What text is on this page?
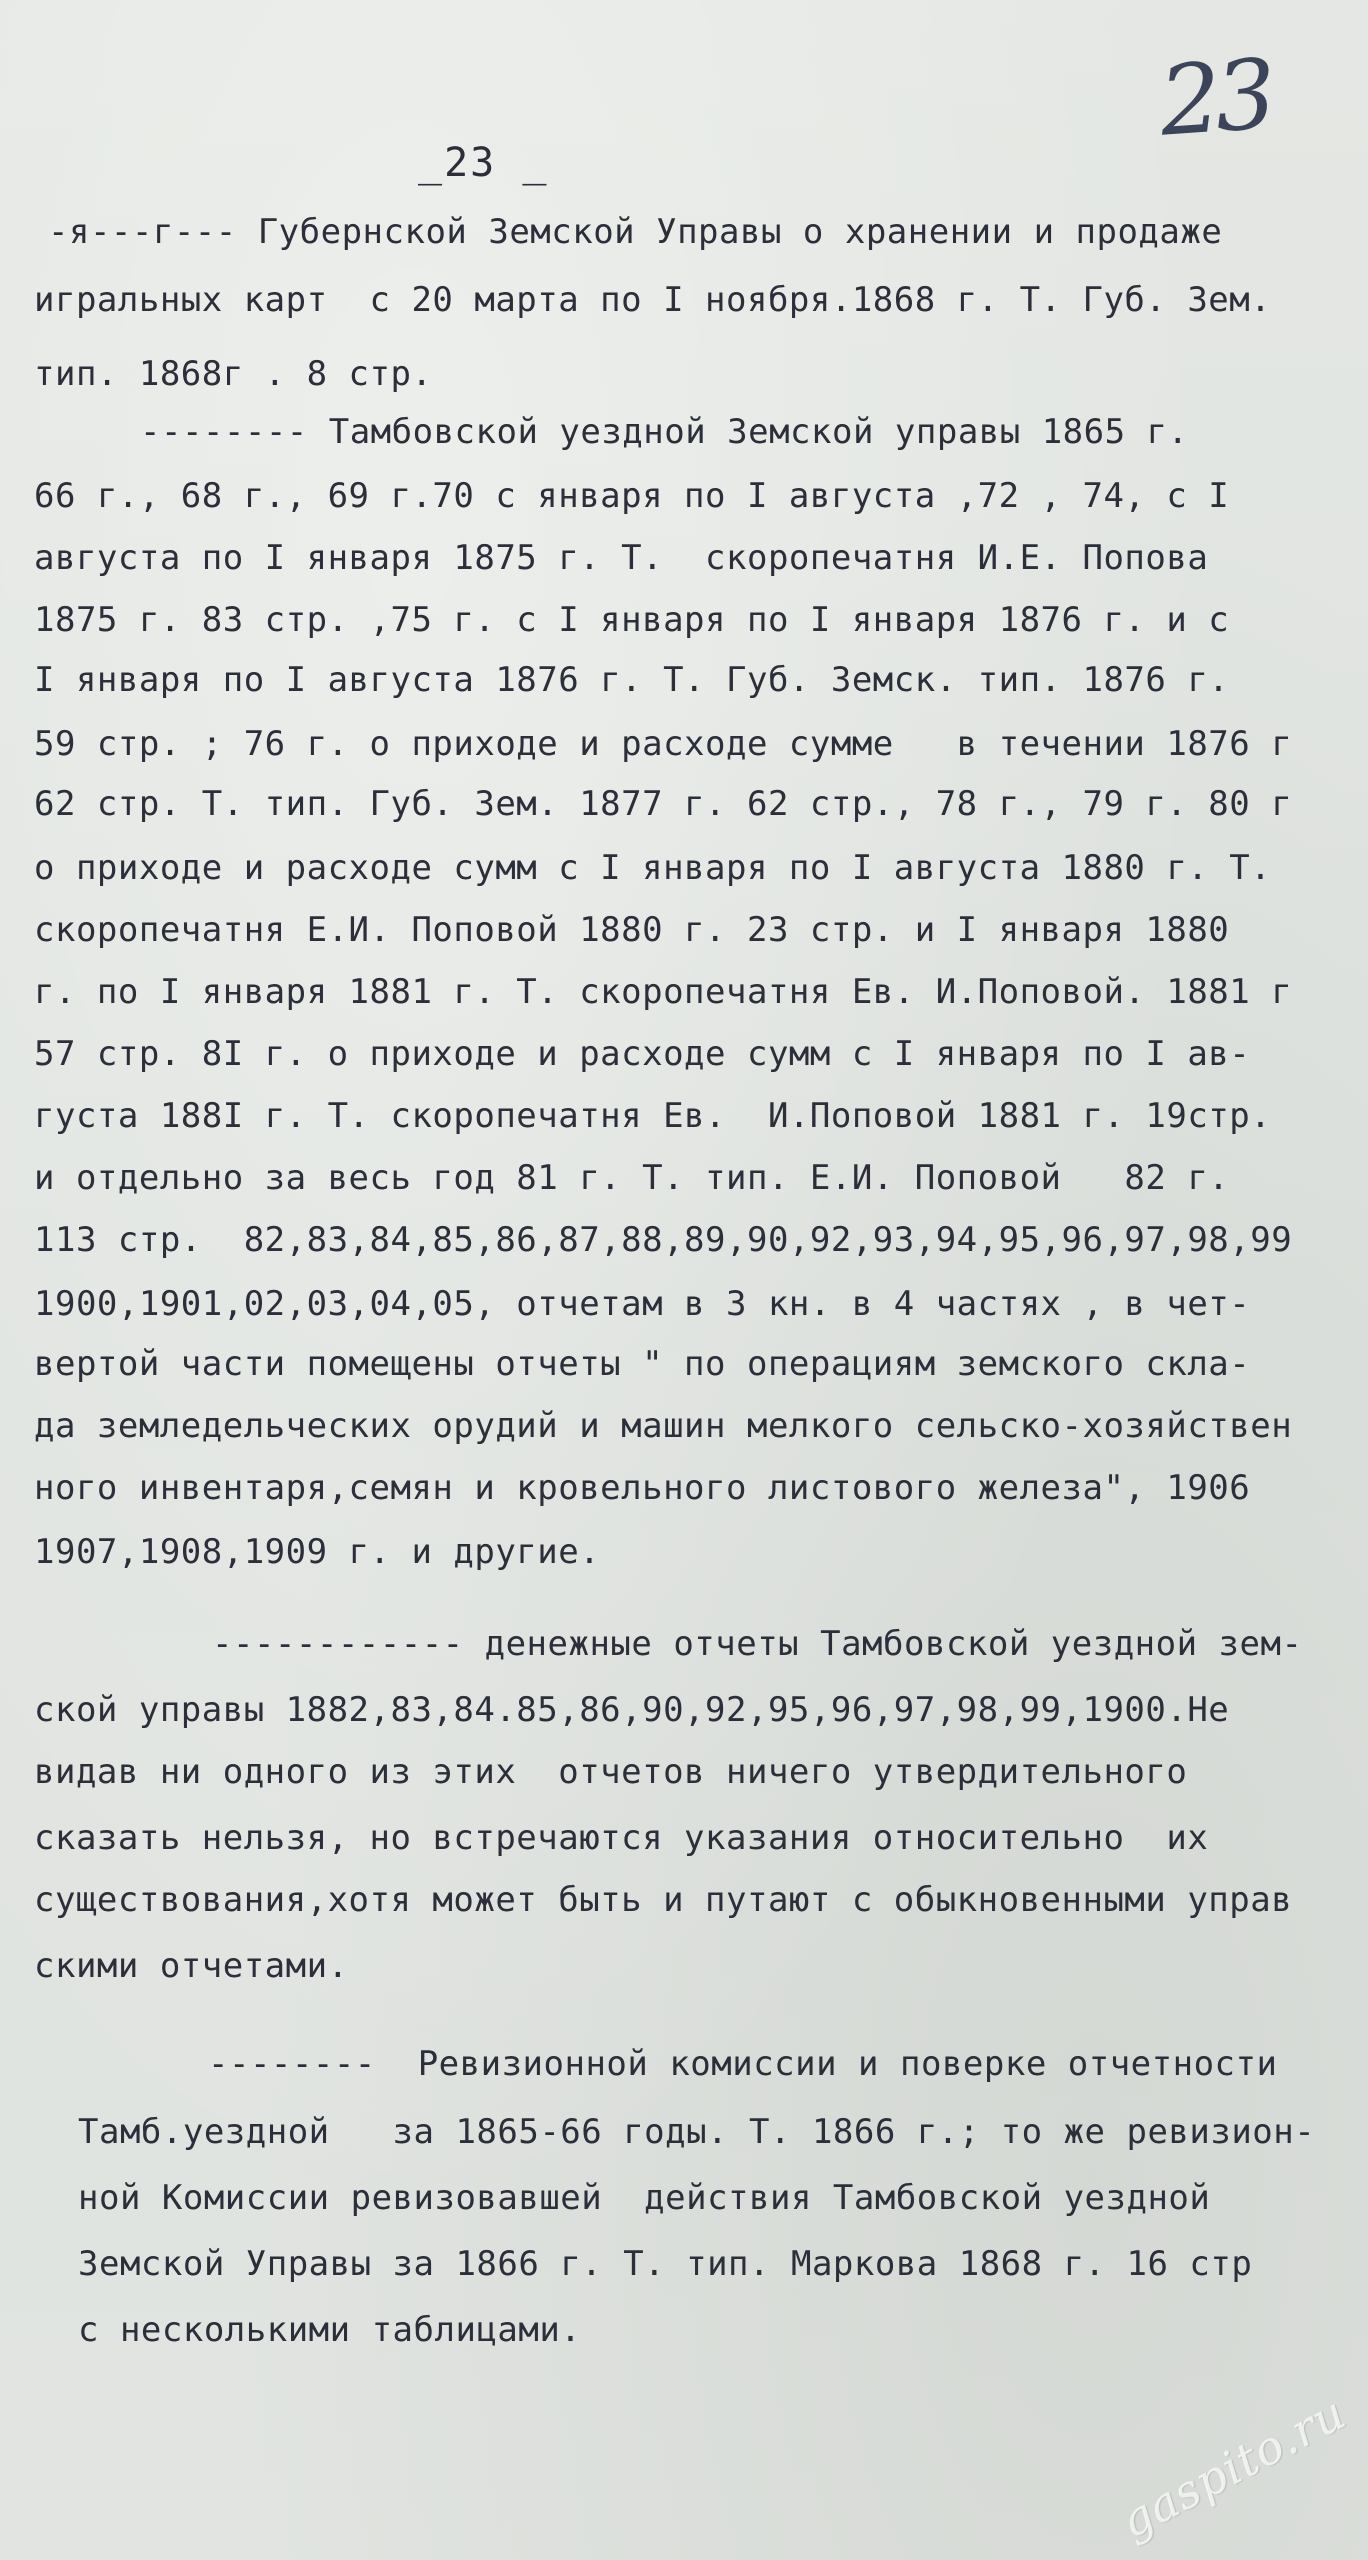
23
_23 _
-я---г--- Губернской Земской Управы о хранении и продаже
игральных карт  с 20 марта по I ноября.1868 г. Т. Губ. Зем.
тип. 1868г . 8 стр.
-------- Тамбовской уездной Земской управы 1865 г.
66 г., 68 г., 69 г.70 с января по I августа ,72 , 74, с I
августа по I января 1875 г. Т.  скоропечатня И.Е. Попова
1875 г. 83 стр. ,75 г. с I января по I января 1876 г. и с
I января по I августа 1876 г. Т. Губ. Земск. тип. 1876 г.
59 стр. ; 76 г. о приходе и расходе сумме   в течении 1876 г
62 стр. Т. тип. Губ. Зем. 1877 г. 62 стр., 78 г., 79 г. 80 г
о приходе и расходе сумм с I января по I августа 1880 г. Т.
скоропечатня Е.И. Поповой 1880 г. 23 стр. и I января 1880
г. по I января 1881 г. Т. скоропечатня Ев. И.Поповой. 1881 г
57 стр. 8I г. о приходе и расходе сумм с I января по I ав-
густа 188I г. Т. скоропечатня Ев.  И.Поповой 1881 г. 19стр.
и отдельно за весь год 81 г. Т. тип. Е.И. Поповой   82 г.
113 стр.  82,83,84,85,86,87,88,89,90,92,93,94,95,96,97,98,99
1900,1901,02,03,04,05, отчетам в 3 кн. в 4 частях , в чет-
вертой части помещены отчеты " по операциям земского скла-
да земледельческих орудий и машин мелкого сельско-хозяйствен
ного инвентаря,семян и кровельного листового железа", 1906
1907,1908,1909 г. и другие.
------------ денежные отчеты Тамбовской уездной зем-
ской управы 1882,83,84.85,86,90,92,95,96,97,98,99,1900.Не
видав ни одного из этих  отчетов ничего утвердительного
сказать нельзя, но встречаются указания относительно  их
существования,хотя может быть и путают с обыкновенными управ
скими отчетами.
--------  Ревизионной комиссии и поверке отчетности
Тамб.уездной   за 1865-66 годы. Т. 1866 г.; то же ревизион-
ной Комиссии ревизовавшей  действия Тамбовской уездной
Земской Управы за 1866 г. Т. тип. Маркова 1868 г. 16 стр
с несколькими таблицами.
gaspito.ru
